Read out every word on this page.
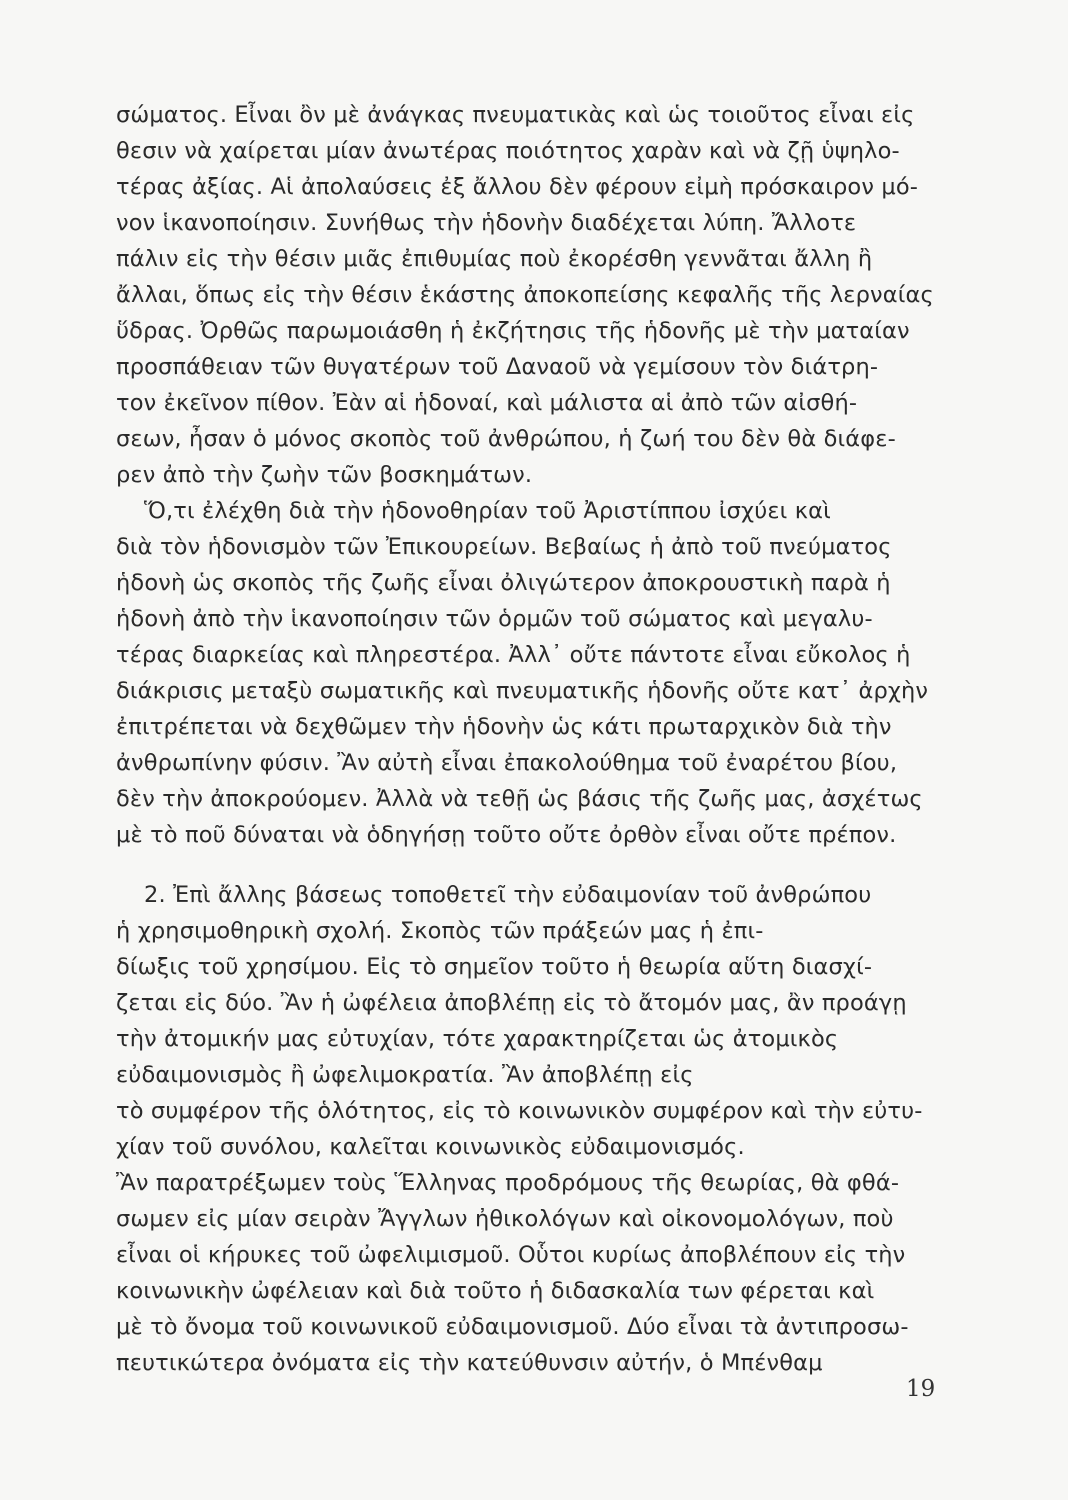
σώματος. Εἶναι ὂν μὲ ἀνάγκας πνευματικὰς καὶ ὡς τοιοῦτος εἶναι εἰς
θεσιν νὰ χαίρεται μίαν ἀνωτέρας ποιότητος χαρὰν καὶ νὰ ζῇ ὑψηλο-
τέρας ἀξίας. Αἱ ἀπολαύσεις ἐξ ἄλλου δὲν φέρουν εἰμὴ πρόσκαιρον μό-
νον ἱκανοποίησιν. Συνήθως τὴν ἡδονὴν διαδέχεται λύπη. Ἄλλοτε
πάλιν εἰς τὴν θέσιν μιᾶς ἐπιθυμίας ποὺ ἐκορέσθη γεννᾶται ἄλλη ἢ
ἄλλαι, ὅπως εἰς τὴν θέσιν ἑκάστης ἀποκοπείσης κεφαλῆς τῆς λερναίας
ὕδρας. Ὀρθῶς παρωμοιάσθη ἡ ἐκζήτησις τῆς ἡδονῆς μὲ τὴν ματαίαν
προσπάθειαν τῶν θυγατέρων τοῦ Δαναοῦ νὰ γεμίσουν τὸν διάτρη-
τον ἐκεῖνον πίθον. Ἐὰν αἱ ἡδοναί, καὶ μάλιστα αἱ ἀπὸ τῶν αἰσθή-
σεων, ἦσαν ὁ μόνος σκοπὸς τοῦ ἀνθρώπου, ἡ ζωή του δὲν θὰ διάφε-
ρεν ἀπὸ τὴν ζωὴν τῶν βοσκημάτων.
Ὅ,τι ἐλέχθη διὰ τὴν ἡδονοθηρίαν τοῦ Ἀριστίππου ἰσχύει καὶ
διὰ τὸν ἡδονισμὸν τῶν Ἐπικουρείων. Βεβαίως ἡ ἀπὸ τοῦ πνεύματος
ἡδονὴ ὡς σκοπὸς τῆς ζωῆς εἶναι ὀλιγώτερον ἀποκρουστικὴ παρὰ ἡ
ἡδονὴ ἀπὸ τὴν ἱκανοποίησιν τῶν ὁρμῶν τοῦ σώματος καὶ μεγαλυ-
τέρας διαρκείας καὶ πληρεστέρα. Ἀλλ᾽ οὔτε πάντοτε εἶναι εὔκολος ἡ
διάκρισις μεταξὺ σωματικῆς καὶ πνευματικῆς ἡδονῆς οὔτε κατ᾽ ἀρχὴν
ἐπιτρέπεται νὰ δεχθῶμεν τὴν ἡδονὴν ὡς κάτι πρωταρχικὸν διὰ τὴν
ἀνθρωπίνην φύσιν. Ἂν αὐτὴ εἶναι ἐπακολούθημα τοῦ ἐναρέτου βίου,
δὲν τὴν ἀποκρούομεν. Ἀλλὰ νὰ τεθῇ ὡς βάσις τῆς ζωῆς μας, ἀσχέτως
μὲ τὸ ποῦ δύναται νὰ ὁδηγήσῃ τοῦτο οὔτε ὀρθὸν εἶναι οὔτε πρέπον.
2. Ἐπὶ ἄλλης βάσεως τοποθετεῖ τὴν εὐδαιμονίαν τοῦ ἀνθρώπου
ἡ χρησιμοθηρικὴ σχολή. Σκοπὸς τῶν πράξεών μας ἡ ἐπι-
δίωξις τοῦ χρησίμου. Εἰς τὸ σημεῖον τοῦτο ἡ θεωρία αὕτη διασχί-
ζεται εἰς δύο. Ἂν ἡ ὠφέλεια ἀποβλέπῃ εἰς τὸ ἄτομόν μας, ἂν προάγῃ
τὴν ἀτομικήν μας εὐτυχίαν, τότε χαρακτηρίζεται ὡς ἀτομικὸς
εὐδαιμονισμὸς ἢ ὠφελιμοκρατία. Ἂν ἀποβλέπῃ εἰς
τὸ συμφέρον τῆς ὁλότητος, εἰς τὸ κοινωνικὸν συμφέρον καὶ τὴν εὐτυ-
χίαν τοῦ συνόλου, καλεῖται κοινωνικὸς εὐδαιμονισμός.
Ἂν παρατρέξωμεν τοὺς Ἕλληνας προδρόμους τῆς θεωρίας, θὰ φθά-
σωμεν εἰς μίαν σειρὰν Ἄγγλων ἠθικολόγων καὶ οἰκονομολόγων, ποὺ
εἶναι οἱ κήρυκες τοῦ ὠφελιμισμοῦ. Οὗτοι κυρίως ἀποβλέπουν εἰς τὴν
κοινωνικὴν ὠφέλειαν καὶ διὰ τοῦτο ἡ διδασκαλία των φέρεται καὶ
μὲ τὸ ὄνομα τοῦ κοινωνικοῦ εὐδαιμονισμοῦ. Δύο εἶναι τὰ ἀντιπροσω-
πευτικώτερα ὀνόματα εἰς τὴν κατεύθυνσιν αὐτήν, ὁ Μπένθαμ
19
